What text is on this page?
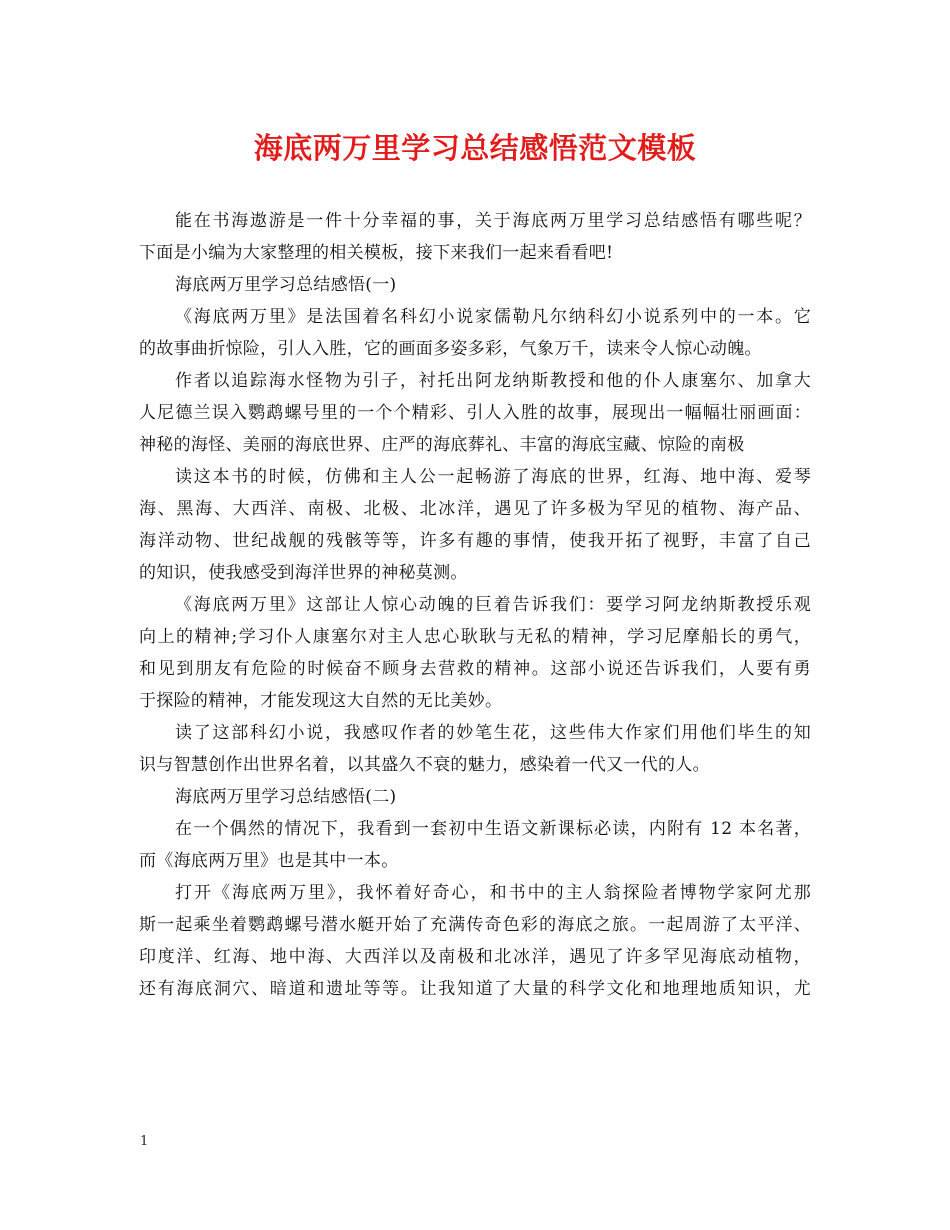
海底两万里学习总结感悟范文模板
能在书海遨游是一件十分幸福的事，关于海底两万里学习总结感悟有哪些呢？
下面是小编为大家整理的相关模板，接下来我们一起来看看吧!
海底两万里学习总结感悟(一)
《海底两万里》是法国着名科幻小说家儒勒凡尔纳科幻小说系列中的一本。它
的故事曲折惊险，引人入胜，它的画面多姿多彩，气象万千，读来令人惊心动魄。
作者以追踪海水怪物为引子，衬托出阿龙纳斯教授和他的仆人康塞尔、加拿大
人尼德兰误入鹦鹉螺号里的一个个精彩、引人入胜的故事，展现出一幅幅壮丽画面：
神秘的海怪、美丽的海底世界、庄严的海底葬礼、丰富的海底宝藏、惊险的南极
读这本书的时候，仿佛和主人公一起畅游了海底的世界，红海、地中海、爱琴
海、黑海、大西洋、南极、北极、北冰洋，遇见了许多极为罕见的植物、海产品、
海洋动物、世纪战舰的残骸等等，许多有趣的事情，使我开拓了视野，丰富了自己
的知识，使我感受到海洋世界的神秘莫测。
《海底两万里》这部让人惊心动魄的巨着告诉我们：要学习阿龙纳斯教授乐观
向上的精神;学习仆人康塞尔对主人忠心耿耿与无私的精神，学习尼摩船长的勇气，
和见到朋友有危险的时候奋不顾身去营救的精神。这部小说还告诉我们，人要有勇
于探险的精神，才能发现这大自然的无比美妙。
读了这部科幻小说，我感叹作者的妙笔生花，这些伟大作家们用他们毕生的知
识与智慧创作出世界名着，以其盛久不衰的魅力，感染着一代又一代的人。
海底两万里学习总结感悟(二)
在一个偶然的情况下，我看到一套初中生语文新课标必读，内附有 12 本名著，
而《海底两万里》也是其中一本。
打开《海底两万里》，我怀着好奇心，和书中的主人翁探险者博物学家阿尤那
斯一起乘坐着鹦鹉螺号潜水艇开始了充满传奇色彩的海底之旅。一起周游了太平洋、
印度洋、红海、地中海、大西洋以及南极和北冰洋，遇见了许多罕见海底动植物，
还有海底洞穴、暗道和遗址等等。让我知道了大量的科学文化和地理地质知识，尤
1
